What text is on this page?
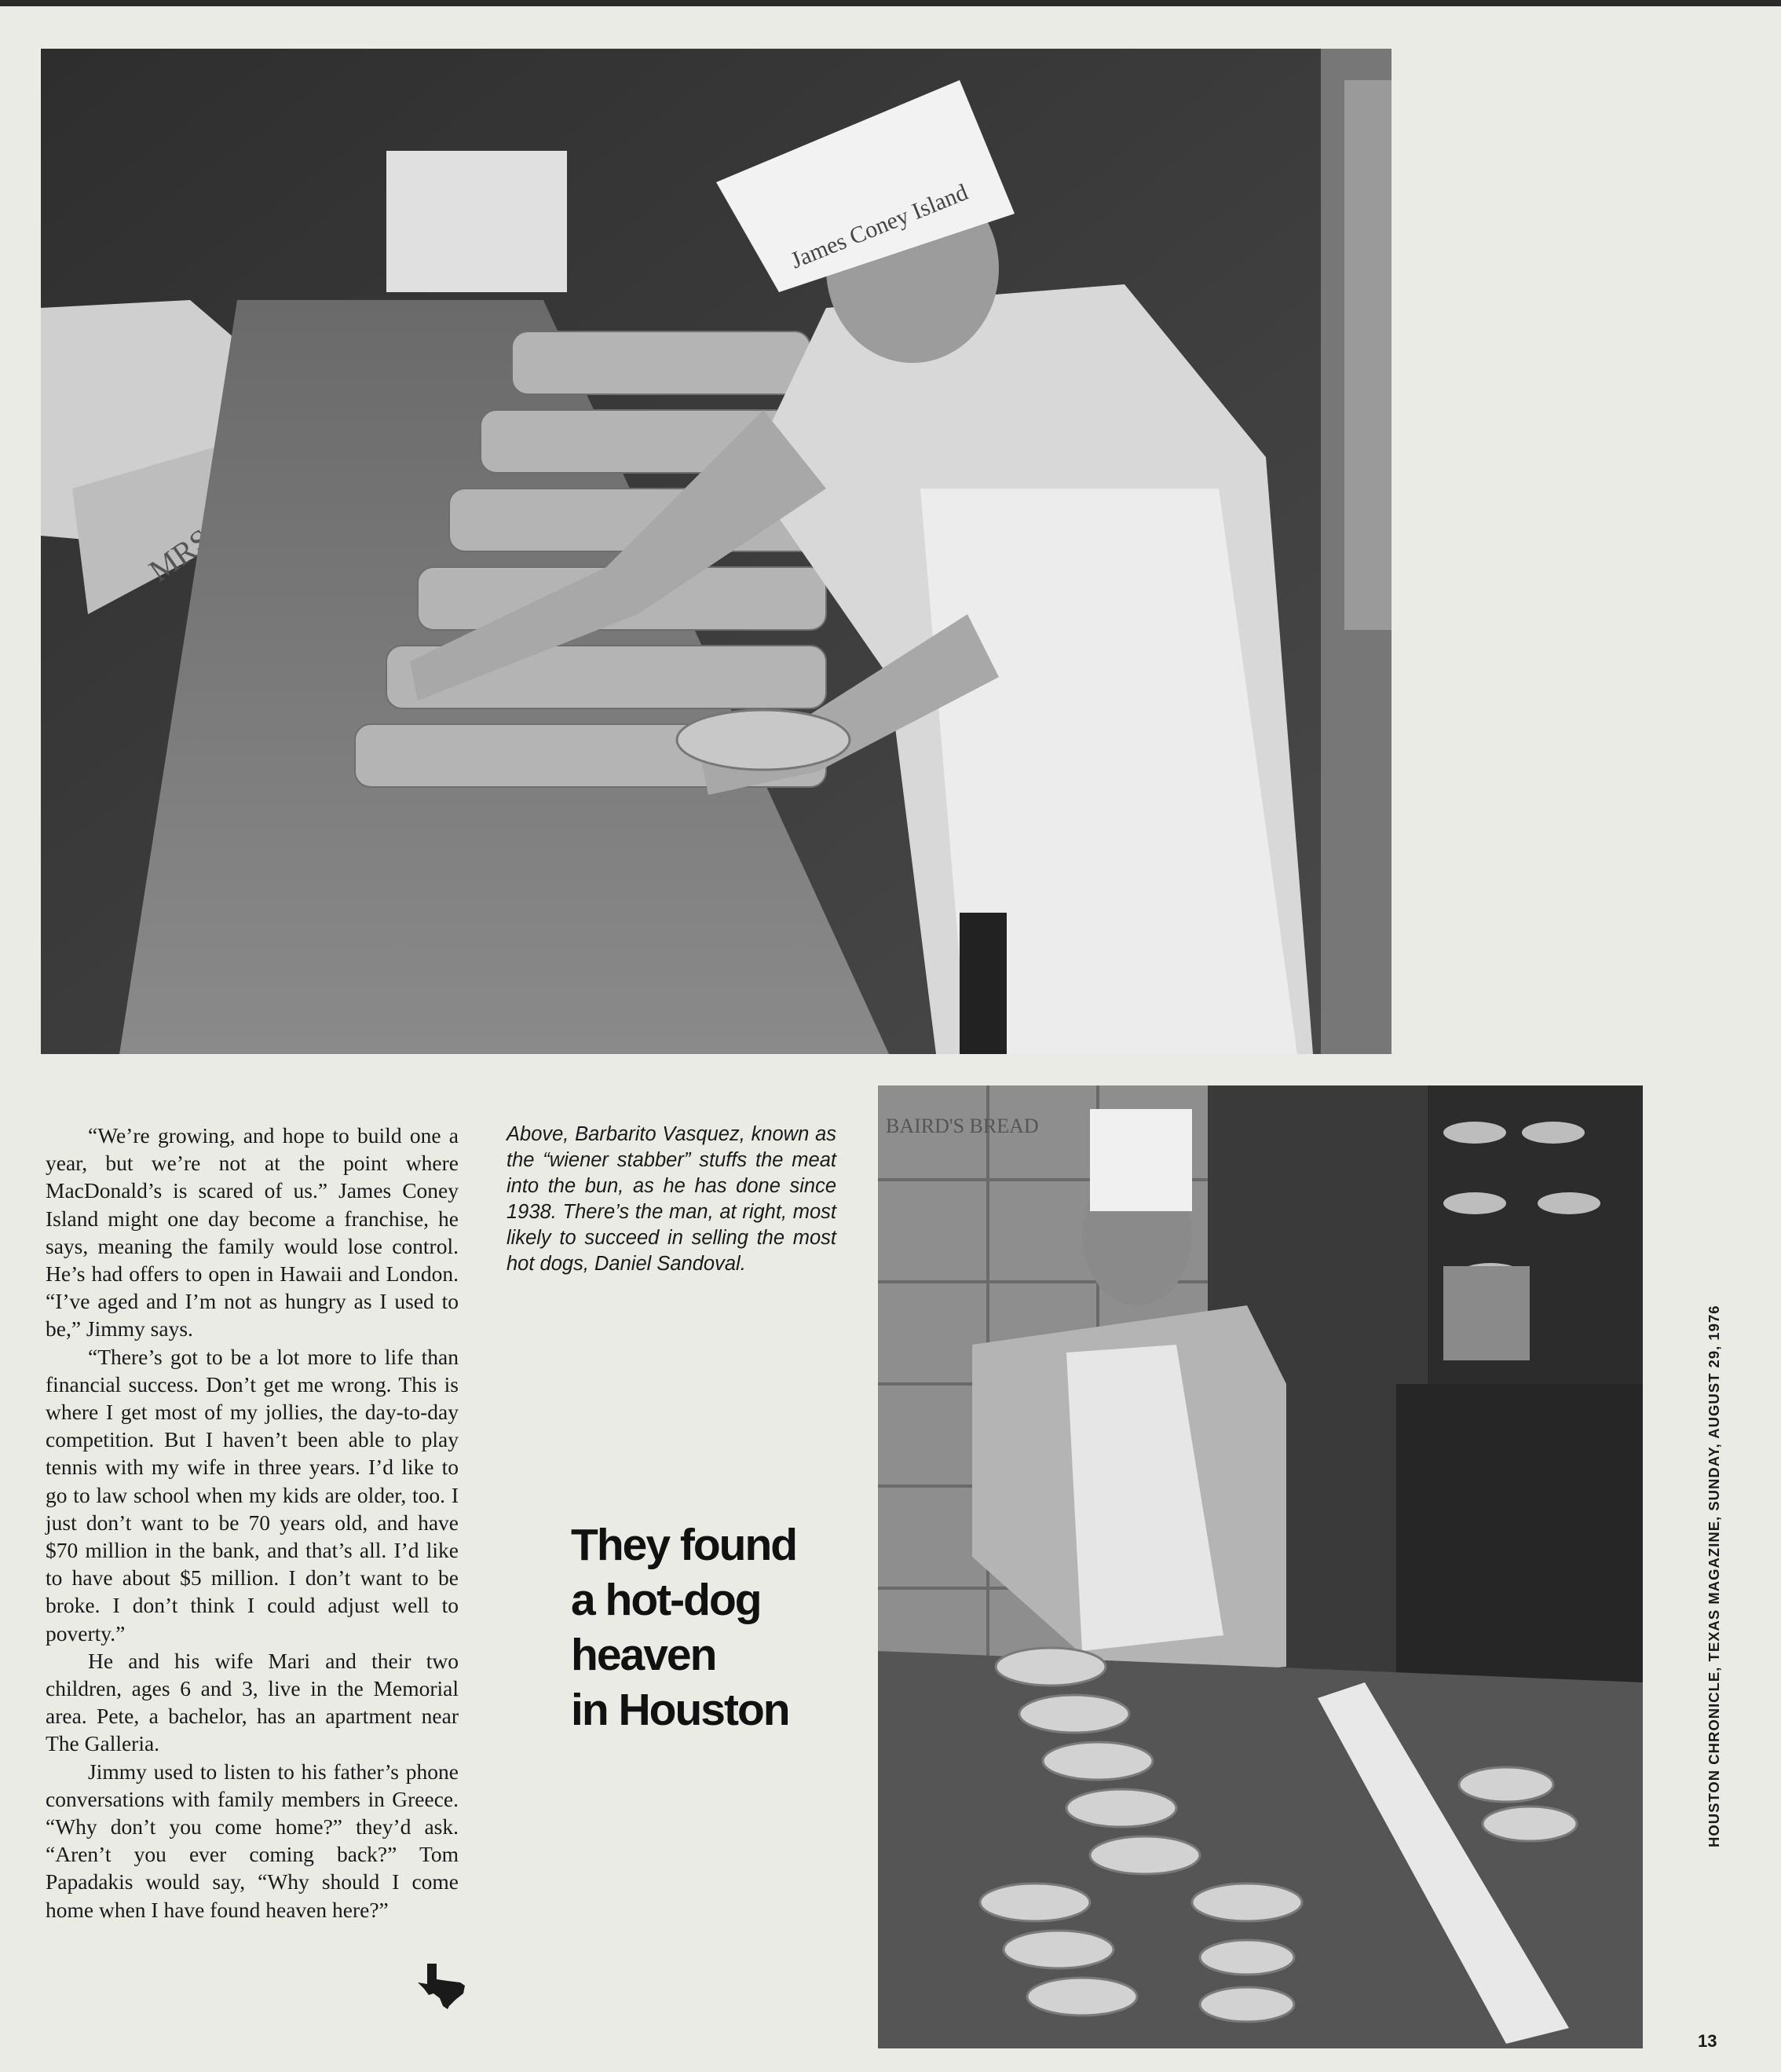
James Coney Island

“We’re growing, and hope to build one a year, but we’re not at the point where MacDonald’s is scared of us.” James Coney Island might one day become a franchise, he says, meaning the family would lose control. He’s had offers to open in Hawaii and London. “I’ve aged and I’m not as hungry as I used to be,” Jimmy says.

“There’s got to be a lot more to life than financial success. Don’t get me wrong. This is where I get most of my jollies, the day-to-day competition. But I haven’t been able to play tennis with my wife in three years. I’d like to go to law school when my kids are older, too. I just don’t want to be 70 years old, and have $70 million in the bank, and that’s all. I’d like to have about $5 million. I don’t want to be broke. I don’t think I could adjust well to poverty.”

He and his wife Mari and their two children, ages 6 and 3, live in the Memorial area. Pete, a bachelor, has an apartment near The Galleria.

Jimmy used to listen to his father’s phone conversations with family members in Greece. “Why don’t you come home?” they’d ask. “Aren’t you ever coming back?” Tom Papadakis would say, “Why should I come home when I have found heaven here?”

Above, Barbarito Vasquez, known as the “wiener stabber” stuffs the meat into the bun, as he has done since 1938. There’s the man, at right, most likely to succeed in selling the most hot dogs, Daniel Sandoval.
They found
a hot-dog
heaven
in Houston
BAIRD'S BREAD
HOUSTON CHRONICLE, TEXAS MAGAZINE, SUNDAY, AUGUST 29, 1976
13
